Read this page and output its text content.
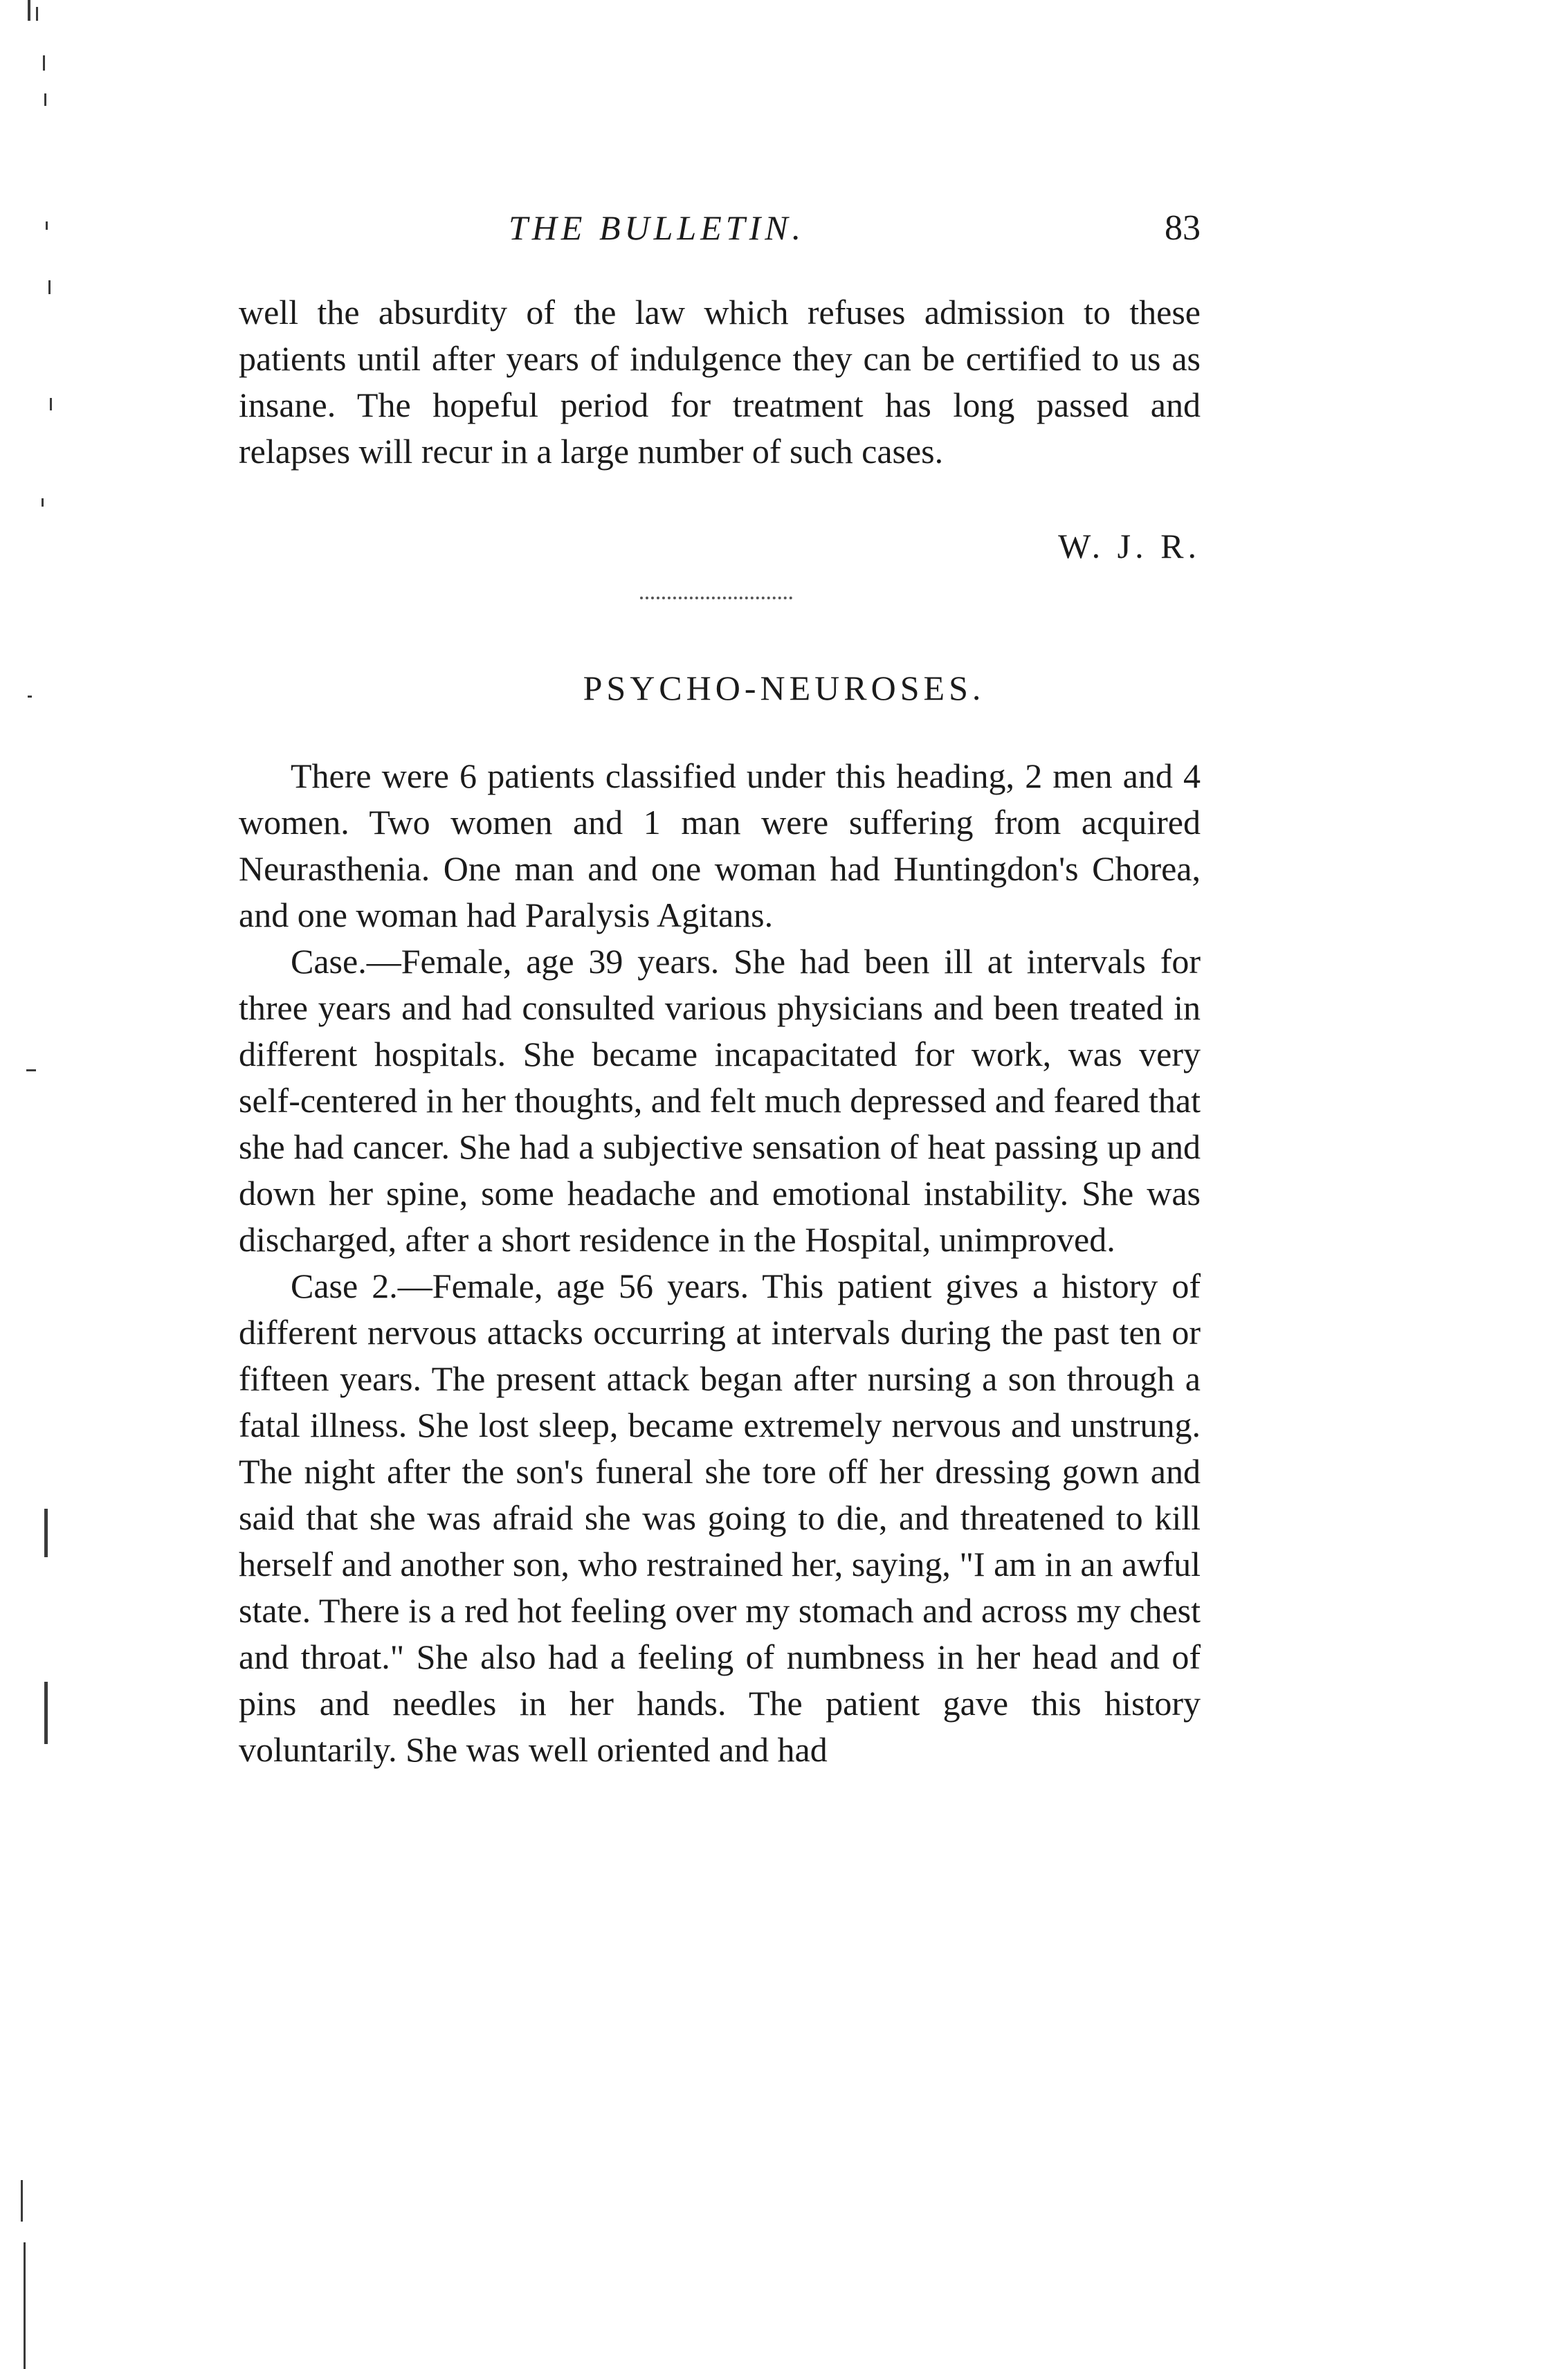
THE BULLETIN.	83

well the absurdity of the law which refuses admission to these patients until after years of indulgence they can be certified to us as insane. The hopeful period for treatment has long passed and relapses will recur in a large number of such cases.

W. J. R.
PSYCHO-NEUROSES.

There were 6 patients classified under this heading, 2 men and 4 women. Two women and 1 man were suffering from acquired Neurasthenia. One man and one woman had Huntingdon's Chorea, and one woman had Paralysis Agitans.

Case.—Female, age 39 years. She had been ill at intervals for three years and had consulted various physicians and been treated in different hospitals. She became incapacitated for work, was very self-centered in her thoughts, and felt much depressed and feared that she had cancer. She had a subjective sensation of heat passing up and down her spine, some headache and emotional instability. She was discharged, after a short residence in the Hospital, unimproved.

Case 2.—Female, age 56 years. This patient gives a history of different nervous attacks occurring at intervals during the past ten or fifteen years. The present attack began after nursing a son through a fatal illness. She lost sleep, became extremely nervous and unstrung. The night after the son's funeral she tore off her dressing gown and said that she was afraid she was going to die, and threatened to kill herself and another son, who restrained her, saying, "I am in an awful state. There is a red hot feeling over my stomach and across my chest and throat." She also had a feeling of numbness in her head and of pins and needles in her hands. The patient gave this history voluntarily. She was well oriented and had
